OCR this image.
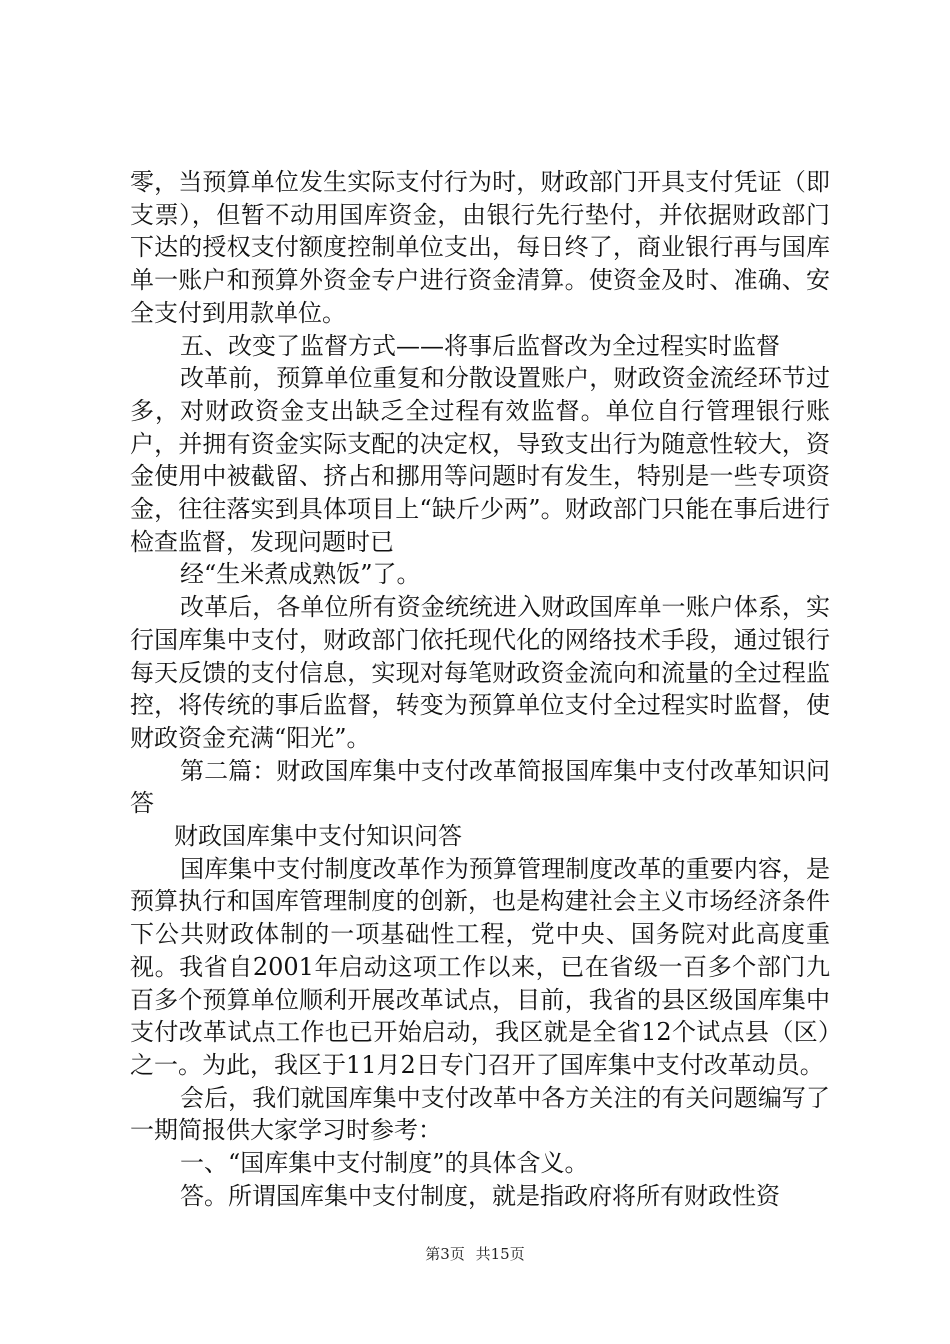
零，当预算单位发生实际支付行为时，财政部门开具支付凭证（即支票），但暂不动用国库资金，由银行先行垫付，并依据财政部门下达的授权支付额度控制单位支出，每日终了，商业银行再与国库单一账户和预算外资金专户进行资金清算。使资金及时、准确、安全支付到用款单位。

五、改变了监督方式——将事后监督改为全过程实时监督

改革前，预算单位重复和分散设置账户，财政资金流经环节过多，对财政资金支出缺乏全过程有效监督。单位自行管理银行账户，并拥有资金实际支配的决定权，导致支出行为随意性较大，资金使用中被截留、挤占和挪用等问题时有发生，特别是一些专项资金，往往落实到具体项目上“缺斤少两”。财政部门只能在事后进行检查监督，发现问题时已

经“生米煮成熟饭”了。

改革后，各单位所有资金统统进入财政国库单一账户体系，实行国库集中支付，财政部门依托现代化的网络技术手段，通过银行每天反馈的支付信息，实现对每笔财政资金流向和流量的全过程监控，将传统的事后监督，转变为预算单位支付全过程实时监督，使财政资金充满“阳光”。

第二篇：财政国库集中支付改革简报国库集中支付改革知识问答

财政国库集中支付知识问答

国库集中支付制度改革作为预算管理制度改革的重要内容，是预算执行和国库管理制度的创新，也是构建社会主义市场经济条件下公共财政体制的一项基础性工程，党中央、国务院对此高度重视。我省自2001年启动这项工作以来，已在省级一百多个部门九百多个预算单位顺利开展改革试点，目前，我省的县区级国库集中支付改革试点工作也已开始启动，我区就是全省12个试点县（区）之一。为此，我区于11月2日专门召开了国库集中支付改革动员。

会后，我们就国库集中支付改革中各方关注的有关问题编写了一期简报供大家学习时参考：

一、“国库集中支付制度”的具体含义。

答。所谓国库集中支付制度，就是指政府将所有财政性资

第3页 共15页
